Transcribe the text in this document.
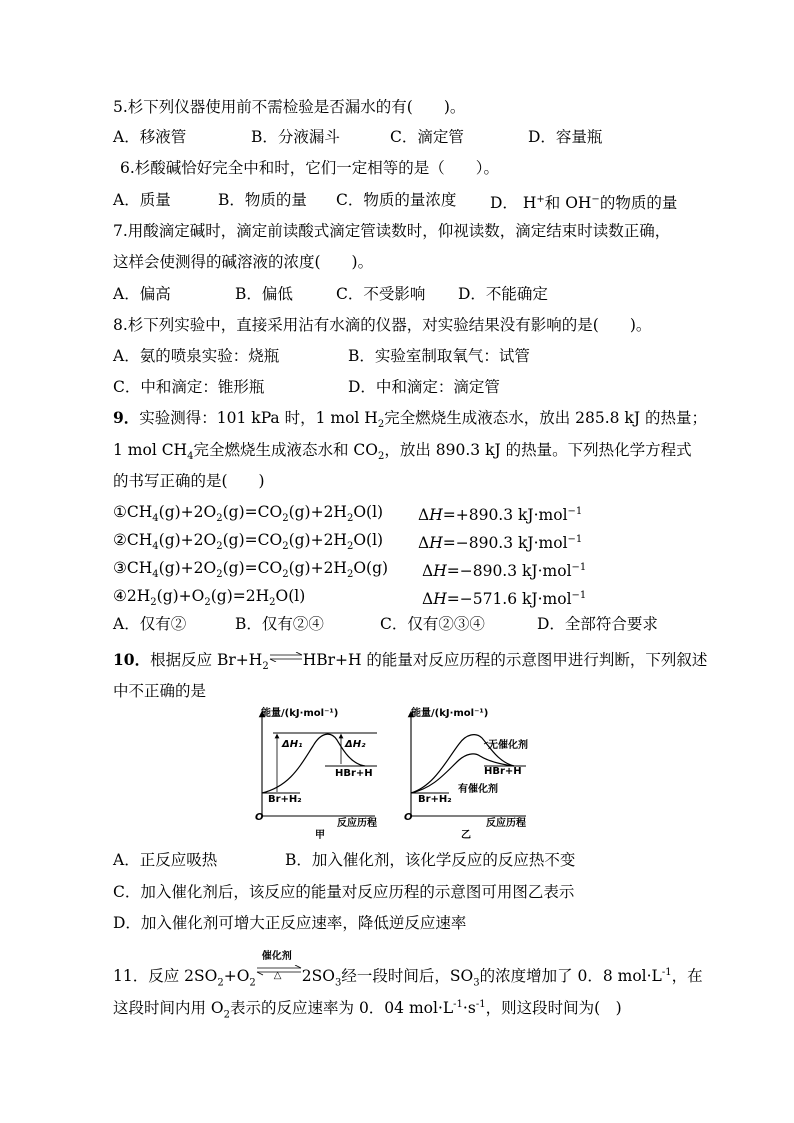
5.杉下列仪器使用前不需检验是否漏水的有(　　)。
A．移液管	B．分液漏斗	C．滴定管	D．容量瓶
6.杉酸碱恰好完全中和时，它们一定相等的是（　　）。
A．质量	B．物质的量 C．物质的量浓度 D． H+和 OH−的物质的量
7.用酸滴定碱时，滴定前读酸式滴定管读数时，仰视读数，滴定结束时读数正确，
这样会使测得的碱溶液的浓度(　　)。
A．偏高	B．偏低	C．不受影响 D．不能确定
8.杉下列实验中，直接采用沾有水滴的仪器，对实验结果没有影响的是(　　)。
A．氨的喷泉实验：烧瓶	B．实验室制取氧气：试管
C．中和滴定：锥形瓶	D．中和滴定：滴定管
9．实验测得：101 kPa 时，1 mol $H_2$完全燃烧生成液态水，放出 285.8 kJ 的热量；
1 mol $CH_4$完全燃烧生成液态水和 $CO_2$，放出 890.3 kJ 的热量。下列热化学方程式
的书写正确的是(　　)
$①CH_4(g)+2O_2(g)=CO_2(g)+2H_2O(l)$ ΔH=+890.3 kJ·mol$^{-1}$
$②CH_4(g)+2O_2(g)=CO_2(g)+2H_2O(l)$ ΔH=−890.3 kJ·mol$^{-1}$
$③CH_4(g)+2O_2(g)=CO_2(g)+2H_2O(g)$ ΔH=−890.3 kJ·mol$^{-1}$
$④2H_2(g)+O_2(g)=2H_2O(l)$	ΔH=−571.6 kJ·mol$^{-1}$
A．仅有②	B．仅有②④	C．仅有②③④	D．全部符合要求
10．根据反应 $Br+H_2\rightleftharpoons HBr+H$ 的能量对反应历程的示意图甲进行判断，下列叙述
中不正确的是
能量/(kJ·mol⁻¹)
ΔH₁	ΔH₂
HBr+H
Br+H₂
O
反应历程
甲
能量/(kJ·mol⁻¹)
无催化剂
HBr+H
有催化剂
Br+H₂
O
反应历程
乙
A．正反应吸热	B．加入催化剂，该化学反应的反应热不变
C．加入催化剂后，该反应的能量对反应历程的示意图可用图乙表示
D．加入催化剂可增大正反应速率，降低逆反应速率
11．反应 $2SO_2+O_2$
催化剂
△ $2SO_3$经一段时间后，$SO_3$的浓度增加了 0．8 $mol\cdot L^{-1}$，在
这段时间内用 $O_2$表示的反应速率为 0．04 $mol\cdot L^{-1}\cdot s^{-1}$，则这段时间为(　)
